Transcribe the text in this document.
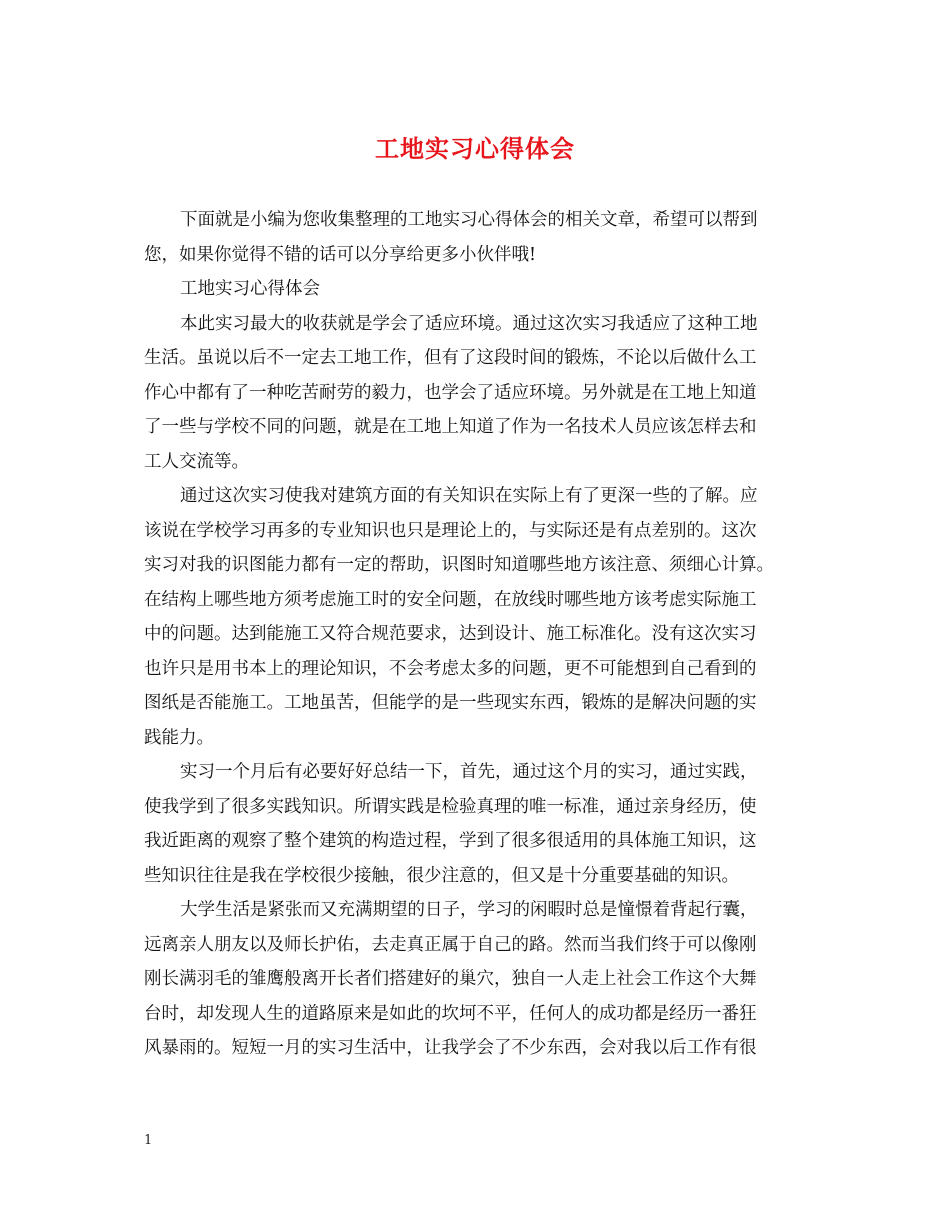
工地实习心得体会
下面就是小编为您收集整理的工地实习心得体会的相关文章，希望可以帮到
您，如果你觉得不错的话可以分享给更多小伙伴哦!
工地实习心得体会
本此实习最大的收获就是学会了适应环境。通过这次实习我适应了这种工地
生活。虽说以后不一定去工地工作，但有了这段时间的锻炼，不论以后做什么工
作心中都有了一种吃苦耐劳的毅力，也学会了适应环境。另外就是在工地上知道
了一些与学校不同的问题，就是在工地上知道了作为一名技术人员应该怎样去和
工人交流等。
通过这次实习使我对建筑方面的有关知识在实际上有了更深一些的了解。应
该说在学校学习再多的专业知识也只是理论上的，与实际还是有点差别的。这次
实习对我的识图能力都有一定的帮助，识图时知道哪些地方该注意、须细心计算。
在结构上哪些地方须考虑施工时的安全问题，在放线时哪些地方该考虑实际施工
中的问题。达到能施工又符合规范要求，达到设计、施工标准化。没有这次实习
也许只是用书本上的理论知识，不会考虑太多的问题，更不可能想到自己看到的
图纸是否能施工。工地虽苦，但能学的是一些现实东西，锻炼的是解决问题的实
践能力。
实习一个月后有必要好好总结一下，首先，通过这个月的实习，通过实践，
使我学到了很多实践知识。所谓实践是检验真理的唯一标准，通过亲身经历，使
我近距离的观察了整个建筑的构造过程，学到了很多很适用的具体施工知识，这
些知识往往是我在学校很少接触，很少注意的，但又是十分重要基础的知识。
大学生活是紧张而又充满期望的日子，学习的闲暇时总是憧憬着背起行囊，
远离亲人朋友以及师长护佑，去走真正属于自己的路。然而当我们终于可以像刚
刚长满羽毛的雏鹰般离开长者们搭建好的巢穴，独自一人走上社会工作这个大舞
台时，却发现人生的道路原来是如此的坎坷不平，任何人的成功都是经历一番狂
风暴雨的。短短一月的实习生活中，让我学会了不少东西，会对我以后工作有很
1
